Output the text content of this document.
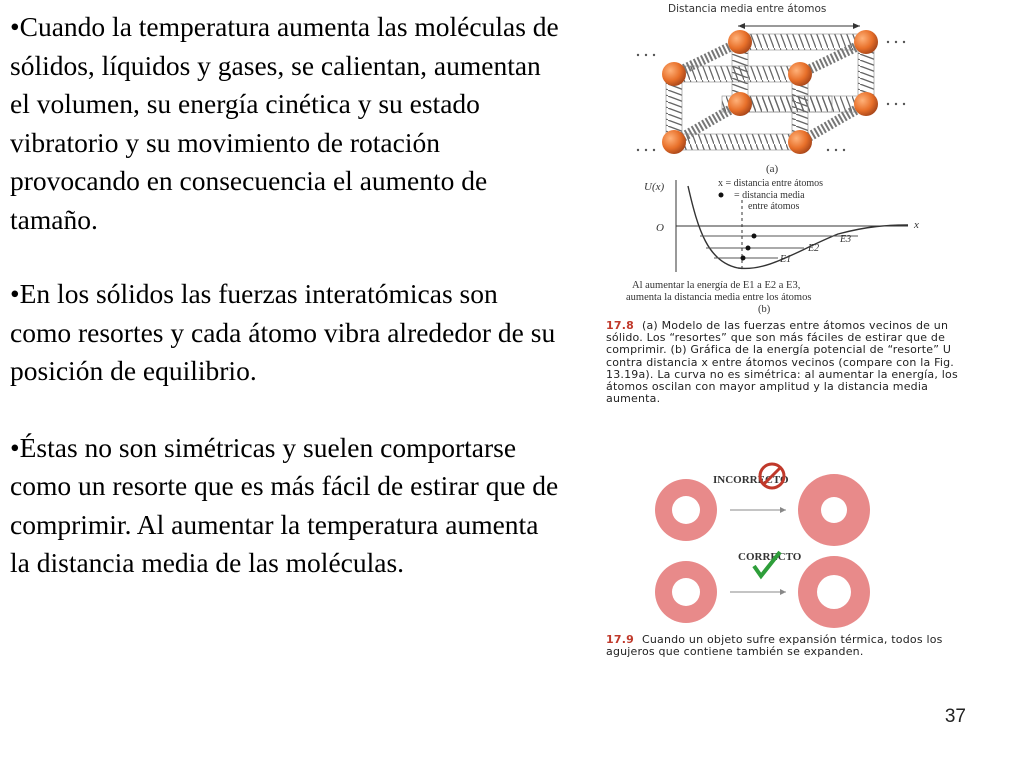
•Cuando la temperatura aumenta las moléculas de sólidos, líquidos y gases, se calientan, aumentan el volumen, su energía cinética y su estado vibratorio y su movimiento de rotación provocando en consecuencia el aumento de tamaño.

•En los sólidos las fuerzas interatómicas son como resortes y cada átomo vibra alrededor de su posición de equilibrio.

•Éstas no son simétricas y suelen comportarse como un resorte que es más fácil de estirar que de comprimir. Al aumentar la temperatura aumenta la distancia media de las moléculas.

Distancia media entre átomos
(a)
U(x)
O	x
E3
E2
E1
x = distancia entre átomos
= distancia media
entre átomos
Al aumentar la energía de E1 a E2 a E3,
aumenta la distancia media entre los átomos
(b)
INCORRECTO
CORRECTO
17.8 (a) Modelo de las fuerzas entre átomos vecinos de un sólido. Los “resortes” que son más fáciles de estirar que de comprimir. (b) Gráfica de la energía potencial de “resorte” U contra distancia x entre átomos vecinos (compare con la Fig. 13.19a). La curva no es simétrica: al aumentar la energía, los átomos oscilan con mayor amplitud y la distancia media aumenta.
17.9 Cuando un objeto sufre expansión térmica, todos los agujeros que contiene también se expanden.
37
